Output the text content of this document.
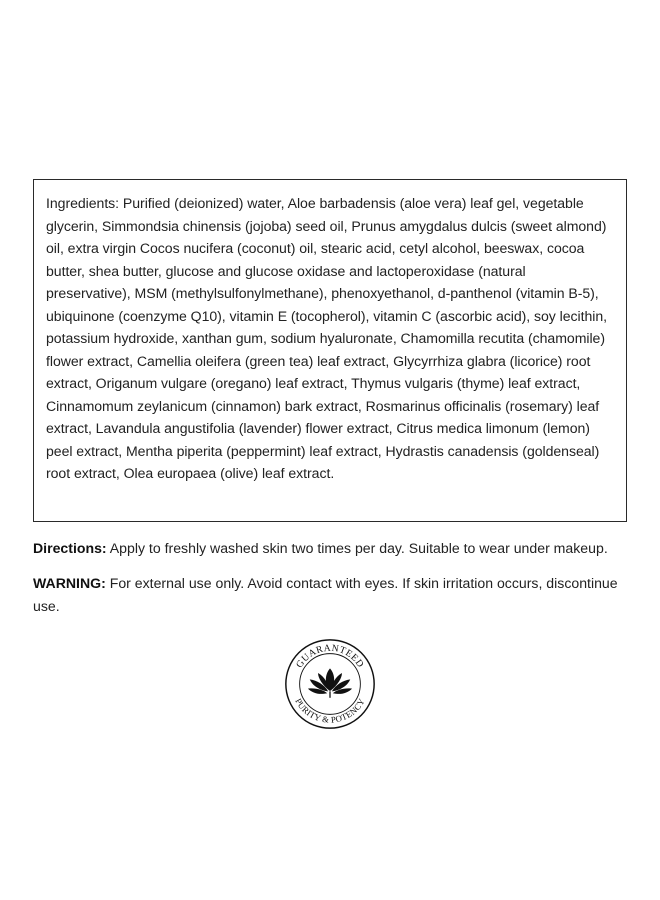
Ingredients: Purified (deionized) water, Aloe barbadensis (aloe vera) leaf gel, vegetable glycerin, Simmondsia chinensis (jojoba) seed oil, Prunus amygdalus dulcis (sweet almond) oil, extra virgin Cocos nucifera (coconut) oil, stearic acid, cetyl alcohol, beeswax, cocoa butter, shea butter, glucose and glucose oxidase and lactoperoxidase (natural preservative), MSM (methylsulfonylmethane), phenoxyethanol, d-panthenol (vitamin B-5), ubiquinone (coenzyme Q10), vitamin E (tocopherol), vitamin C (ascorbic acid), soy lecithin, potassium hydroxide, xanthan gum, sodium hyaluronate, Chamomilla recutita (chamomile) flower extract, Camellia oleifera (green tea) leaf extract, Glycyrrhiza glabra (licorice) root extract, Origanum vulgare (oregano) leaf extract, Thymus vulgaris (thyme) leaf extract, Cinnamomum zeylanicum (cinnamon) bark extract, Rosmarinus officinalis (rosemary) leaf extract, Lavandula angustifolia (lavender) flower extract, Citrus medica limonum (lemon) peel extract, Mentha piperita (peppermint) leaf extract, Hydrastis canadensis (goldenseal) root extract, Olea europaea (olive) leaf extract.

Directions: Apply to freshly washed skin two times per day. Suitable to wear under makeup.

WARNING: For external use only. Avoid contact with eyes. If skin irritation occurs, discontinue use.

GUARANTEED
PURITY & POTENCY
